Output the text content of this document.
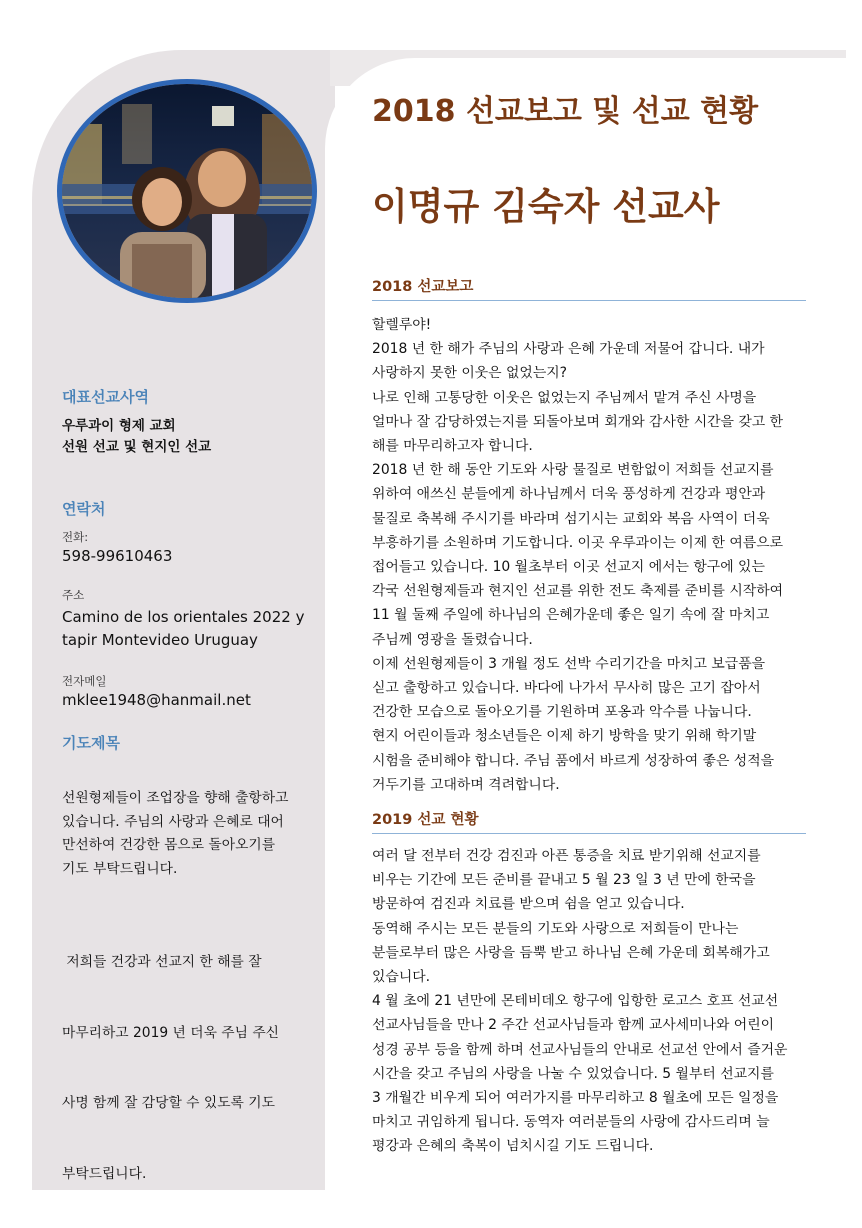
대표선교사역
우루과이 형제 교회
선원 선교 및 현지인 선교
연락처
전화:
598-99610463
주소
Camino de los orientales 2022 y
tapir Montevideo Uruguay
전자메일
mklee1948@hanmail.net
기도제목
선원형제들이 조업장을 향해 출항하고
있습니다. 주님의 사랑과 은혜로 대어
만선하여 건강한 몸으로 돌아오기를
기도 부탁드립니다.

저희들 건강과 선교지 한 해를 잘

마무리하고 2019 년 더욱 주님 주신

사명 함께 잘 감당할 수 있도록 기도

부탁드립니다.

2018 선교보고 및 선교 현황
이명규 김숙자 선교사
2018 선교보고
할렐루야!
2018 년 한 해가 주님의 사랑과 은혜 가운데 저물어 갑니다. 내가
사랑하지 못한 이웃은 없었는지?
나로 인해 고통당한 이웃은 없었는지 주님께서 맡겨 주신 사명을
얼마나 잘 감당하였는지를 되돌아보며 회개와 감사한 시간을 갖고 한
해를 마무리하고자 합니다.
2018 년 한 해 동안 기도와 사랑 물질로 변함없이 저희들 선교지를
위하여 애쓰신 분들에게 하나님께서 더욱 풍성하게 건강과 평안과
물질로 축복해 주시기를 바라며 섬기시는 교회와 복음 사역이 더욱
부흥하기를 소원하며 기도합니다. 이곳 우루과이는 이제 한 여름으로
접어들고 있습니다. 10 월초부터 이곳 선교지 에서는 항구에 있는
각국 선원형제들과 현지인 선교를 위한 전도 축제를 준비를 시작하여
11 월 둘째 주일에 하나님의 은혜가운데 좋은 일기 속에 잘 마치고
주님께 영광을 돌렸습니다.
이제 선원형제들이 3 개월 정도 선박 수리기간을 마치고 보급품을
싣고 출항하고 있습니다. 바다에 나가서 무사히 많은 고기 잡아서
건강한 모습으로 돌아오기를 기원하며 포옹과 악수를 나눕니다.
현지 어린이들과 청소년들은 이제 하기 방학을 맞기 위해 학기말
시험을 준비해야 합니다. 주님 품에서 바르게 성장하여 좋은 성적을
거두기를 고대하며 격려합니다.
2019 선교 현황
여러 달 전부터 건강 검진과 아픈 통증을 치료 받기위해 선교지를
비우는 기간에 모든 준비를 끝내고 5 월 23 일 3 년 만에 한국을
방문하여 검진과 치료를 받으며 쉼을 얻고 있습니다.
동역해 주시는 모든 분들의 기도와 사랑으로 저희들이 만나는
분들로부터 많은 사랑을 듬뿍 받고 하나님 은혜 가운데 회복해가고
있습니다.
4 월 초에 21 년만에 몬테비데오 항구에 입항한 로고스 호프 선교선
선교사님들을 만나 2 주간 선교사님들과 함께 교사세미나와 어린이
성경 공부 등을 함께 하며 선교사님들의 안내로 선교선 안에서 즐거운
시간을 갖고 주님의 사랑을 나눌 수 있었습니다. 5 월부터 선교지를
3 개월간 비우게 되어 여러가지를 마무리하고 8 월초에 모든 일정을
마치고 귀임하게 됩니다. 동역자 여러분들의 사랑에 감사드리며 늘
평강과 은혜의 축복이 넘치시길 기도 드립니다.
